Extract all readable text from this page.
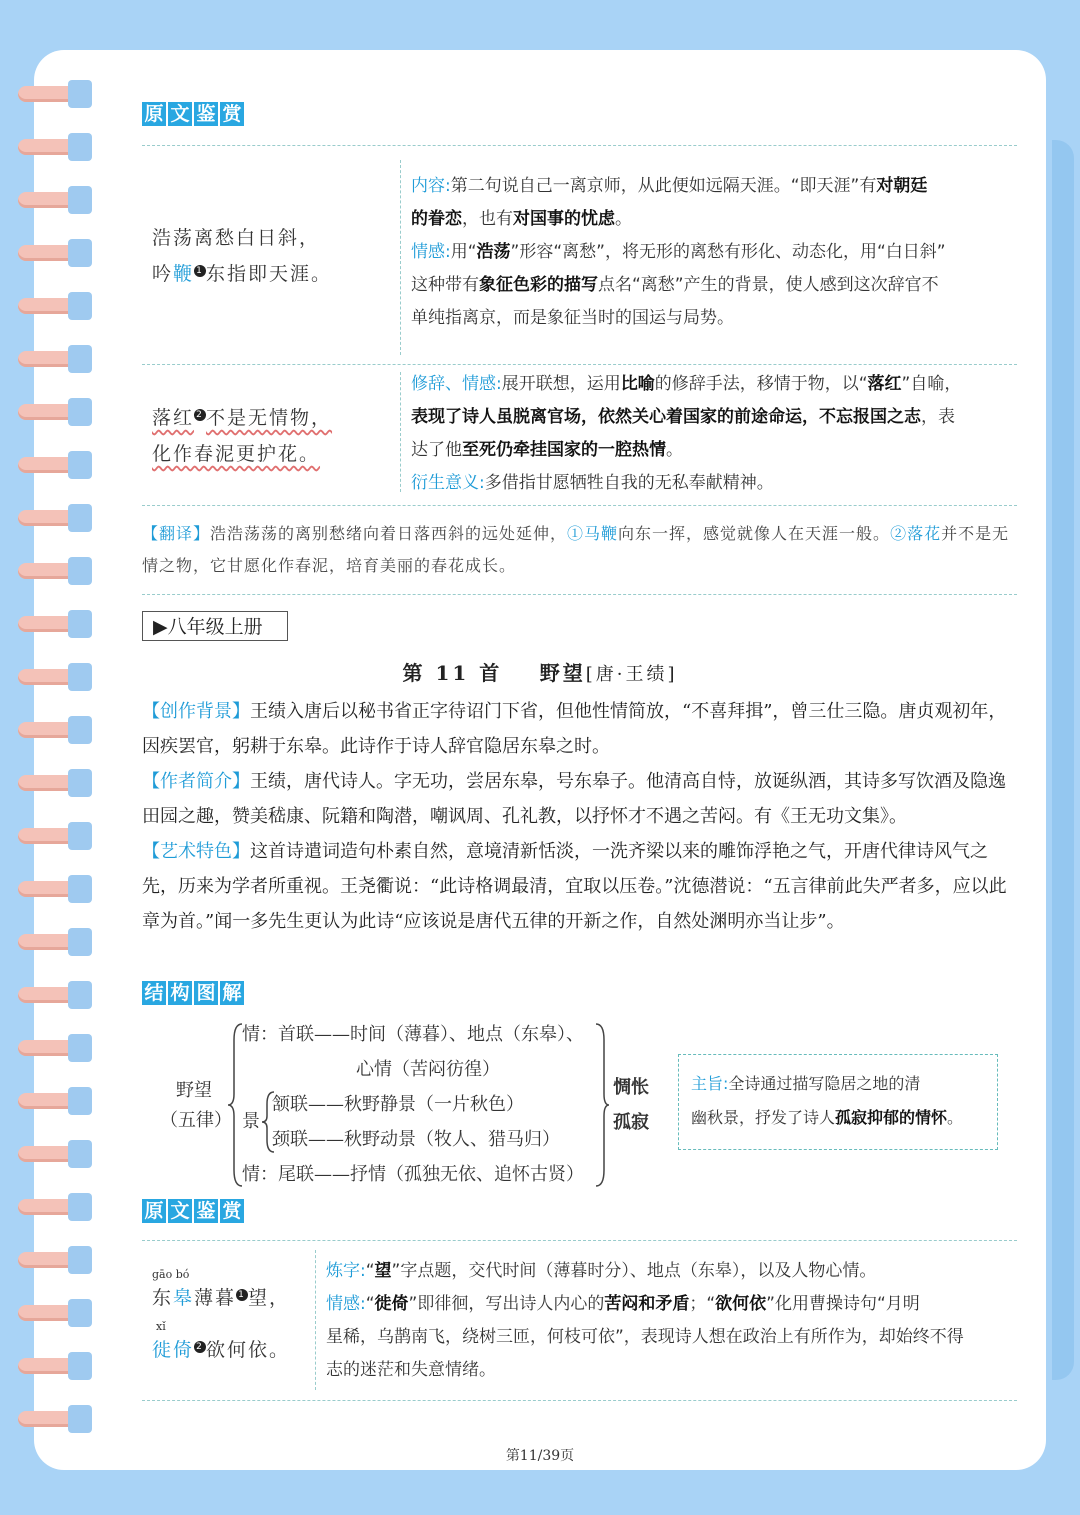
原 文 鉴 赏
浩荡离愁白日斜，
吟鞭 1 东指即天涯。
内容:第二句说自己一离京师，从此便如远隔天涯。“即天涯”有对朝廷
的眷恋，也有对国事的忧虑。
情感:用“浩荡”形容“离愁”，将无形的离愁有形化、动态化，用“白日斜”
这种带有象征色彩的描写点名“离愁”产生的背景，使人感到这次辞官不
单纯指离京，而是象征当时的国运与局势。
落红 2 不是无情物，
化作春泥更护花。
修辞、情感:展开联想，运用比喻的修辞手法，移情于物，以“落红”自喻，
表现了诗人虽脱离官场，依然关心着国家的前途命运，不忘报国之志，表
达了他至死仍牵挂国家的一腔热情。
衍生意义:多借指甘愿牺牲自我的无私奉献精神。
【翻译】浩浩荡荡的离别愁绪向着日落西斜的远处延伸，①马鞭向东一挥，感觉就像人在天涯一般。②落花并不是无情之物，它甘愿化作春泥，培育美丽的春花成长。
▶八年级上册
第 11 首 野望[唐·王绩]
【创作背景】王绩入唐后以秘书省正字待诏门下省，但他性情简放，“不喜拜揖”，曾三仕三隐。唐贞观初年，因疾罢官，躬耕于东皋。此诗作于诗人辞官隐居东皋之时。
【作者简介】王绩，唐代诗人。字无功，尝居东皋，号东皋子。他清高自恃，放诞纵酒，其诗多写饮酒及隐逸田园之趣，赞美嵇康、阮籍和陶潜，嘲讽周、孔礼教，以抒怀才不遇之苦闷。有《王无功文集》。
【艺术特色】这首诗遣词造句朴素自然，意境清新恬淡，一洗齐梁以来的雕饰浮艳之气，开唐代律诗风气之先，历来为学者所重视。王尧衢说：“此诗格调最清，宜取以压卷。”沈德潜说：“五言律前此失严者多，应以此章为首。”闻一多先生更认为此诗“应该说是唐代五律的开新之作，自然处渊明亦当让步”。
结 构 图 解
野望
（五律）
情：首联——时间（薄暮）、地点（东皋）、
心情（苦闷彷徨）
景
颔联——秋野静景（一片秋色）
颈联——秋野动景（牧人、猎马归）
情：尾联——抒情（孤独无依、追怀古贤）
惆怅
孤寂
主旨:全诗通过描写隐居之地的清
幽秋景，抒发了诗人孤寂抑郁的情怀。
原 文 鉴 赏
gāo bó
东皋薄暮 1 望，
xǐ
徙倚 2 欲何依。
炼字:“望”字点题，交代时间（薄暮时分）、地点（东皋），以及人物心情。
情感:“徙倚”即徘徊，写出诗人内心的苦闷和矛盾；“欲何依”化用曹操诗句“月明
星稀，乌鹊南飞，绕树三匝，何枝可依”，表现诗人想在政治上有所作为，却始终不得
志的迷茫和失意情绪。
第11/39页
